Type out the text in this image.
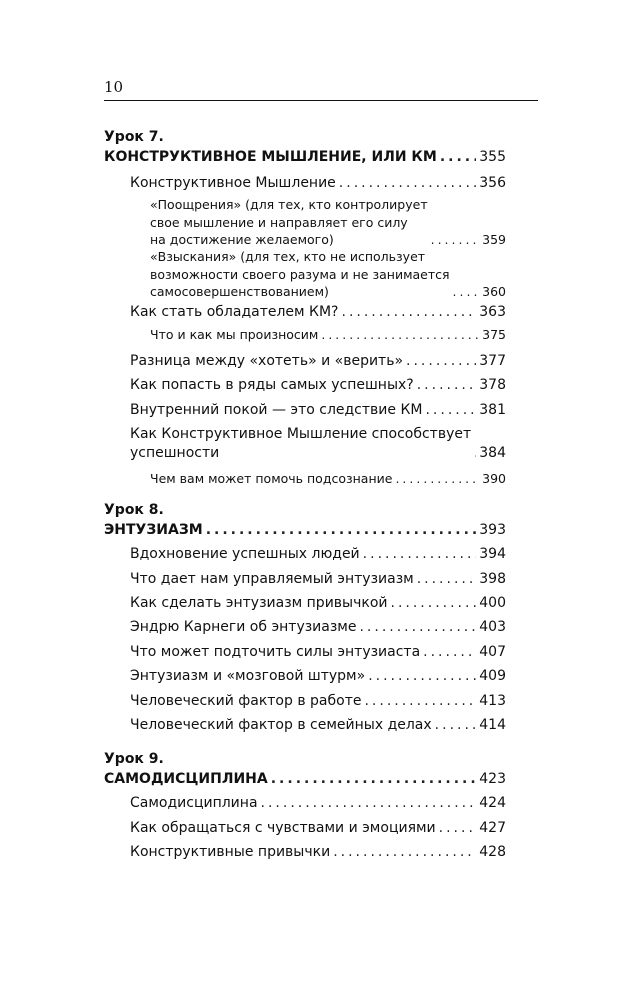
10
Урок 7.
КОНСТРУКТИВНОЕ МЫШЛЕНИЕ, ИЛИ КМ .....	355
Конструктивное Мышление .....	356
«Поощрения» (для тех, кто контролирует
свое мышление и направляет его силу
на достижение желаемого) .....	359
«Взыскания» (для тех, кто не использует
возможности своего разума и не занимается
самосовершенствованием) .....	360
Как стать обладателем КМ? .....	363
Что и как мы произносим .....	375
Разница между «хотеть» и «верить» .....	377
Как попасть в ряды самых успешных? .....	378
Внутренний покой — это следствие КМ .....	381
Как Конструктивное Мышление способствует
успешности .....	384
Чем вам может помочь подсознание .....	390
Урок 8.
ЭНТУЗИАЗМ .....	393
Вдохновение успешных людей .....	394
Что дает нам управляемый энтузиазм .....	398
Как сделать энтузиазм привычкой .....	400
Эндрю Карнеги об энтузиазме .....	403
Что может подточить силы энтузиаста .....	407
Энтузиазм и «мозговой штурм» .....	409
Человеческий фактор в работе .....	413
Человеческий фактор в семейных делах .....	414
Урок 9.
САМОДИСЦИПЛИНА .....	423
Самодисциплина .....	424
Как обращаться с чувствами и эмоциями .....	427
Конструктивные привычки .....	428
